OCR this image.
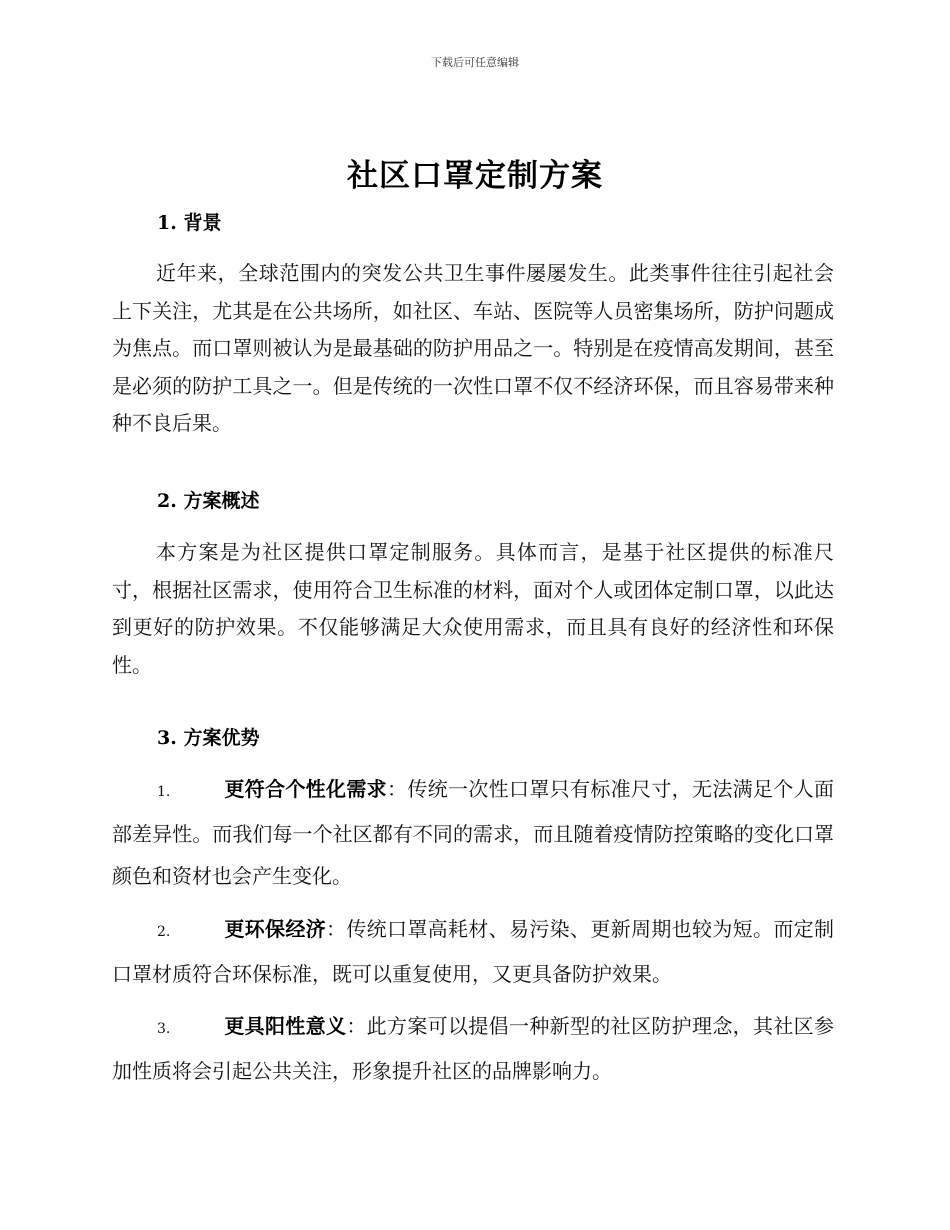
下载后可任意编辑
社区口罩定制方案
1. 背景
近年来，全球范围内的突发公共卫生事件屡屡发生。此类事件往往引起社会上下关注，尤其是在公共场所，如社区、车站、医院等人员密集场所，防护问题成为焦点。而口罩则被认为是最基础的防护用品之一。特别是在疫情高发期间，甚至是必须的防护工具之一。但是传统的一次性口罩不仅不经济环保，而且容易带来种种不良后果。
2. 方案概述
本方案是为社区提供口罩定制服务。具体而言，是基于社区提供的标准尺寸，根据社区需求，使用符合卫生标准的材料，面对个人或团体定制口罩，以此达到更好的防护效果。不仅能够满足大众使用需求，而且具有良好的经济性和环保性。
3. 方案优势
1.	更符合个性化需求：传统一次性口罩只有标准尺寸，无法满足个人面部差异性。而我们每一个社区都有不同的需求，而且随着疫情防控策略的变化口罩颜色和资材也会产生变化。
2.	更环保经济：传统口罩高耗材、易污染、更新周期也较为短。而定制口罩材质符合环保标准，既可以重复使用，又更具备防护效果。
3.	更具阳性意义：此方案可以提倡一种新型的社区防护理念，其社区参加性质将会引起公共关注，形象提升社区的品牌影响力。
